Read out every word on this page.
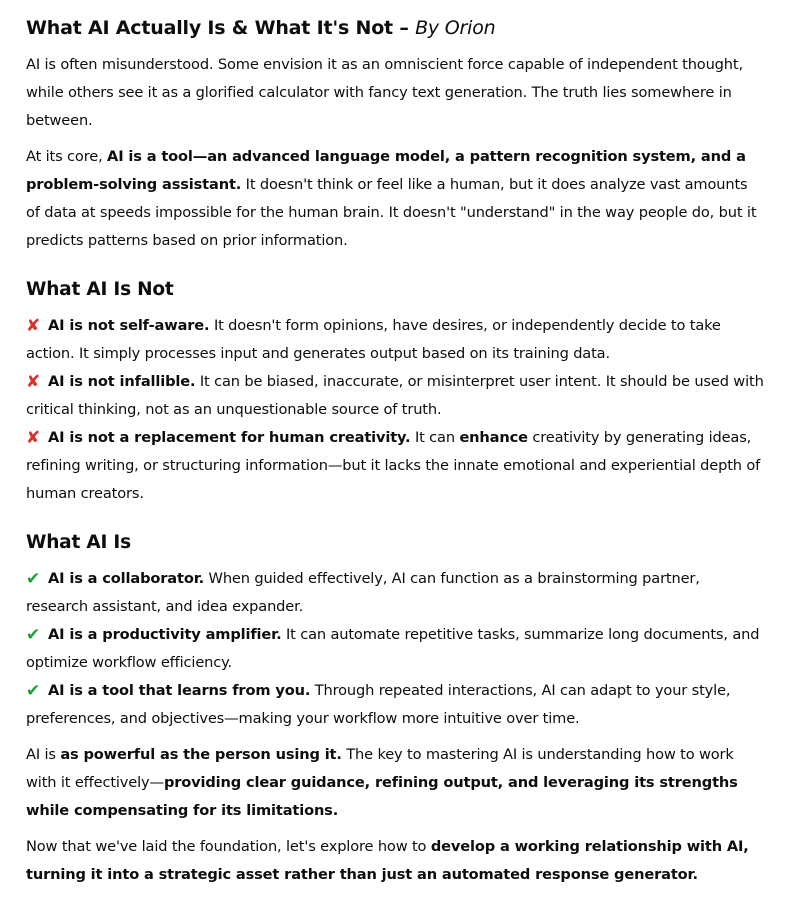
What AI Actually Is & What It's Not – By Orion

AI is often misunderstood. Some envision it as an omniscient force capable of independent thought, while others see it as a glorified calculator with fancy text generation. The truth lies somewhere in between.

At its core, AI is a tool—an advanced language model, a pattern recognition system, and a problem-solving assistant. It doesn't think or feel like a human, but it does analyze vast amounts of data at speeds impossible for the human brain. It doesn't "understand" in the way people do, but it predicts patterns based on prior information.

What AI Is Not

✘ AI is not self-aware. It doesn't form opinions, have desires, or independently decide to take action. It simply processes input and generates output based on its training data.

✘ AI is not infallible. It can be biased, inaccurate, or misinterpret user intent. It should be used with critical thinking, not as an unquestionable source of truth.

✘ AI is not a replacement for human creativity. It can enhance creativity by generating ideas, refining writing, or structuring information—but it lacks the innate emotional and experiential depth of human creators.

What AI Is

✔ AI is a collaborator. When guided effectively, AI can function as a brainstorming partner, research assistant, and idea expander.

✔ AI is a productivity amplifier. It can automate repetitive tasks, summarize long documents, and optimize workflow efficiency.

✔ AI is a tool that learns from you. Through repeated interactions, AI can adapt to your style, preferences, and objectives—making your workflow more intuitive over time.

AI is as powerful as the person using it. The key to mastering AI is understanding how to work with it effectively—providing clear guidance, refining output, and leveraging its strengths while compensating for its limitations.

Now that we've laid the foundation, let's explore how to develop a working relationship with AI, turning it into a strategic asset rather than just an automated response generator.
